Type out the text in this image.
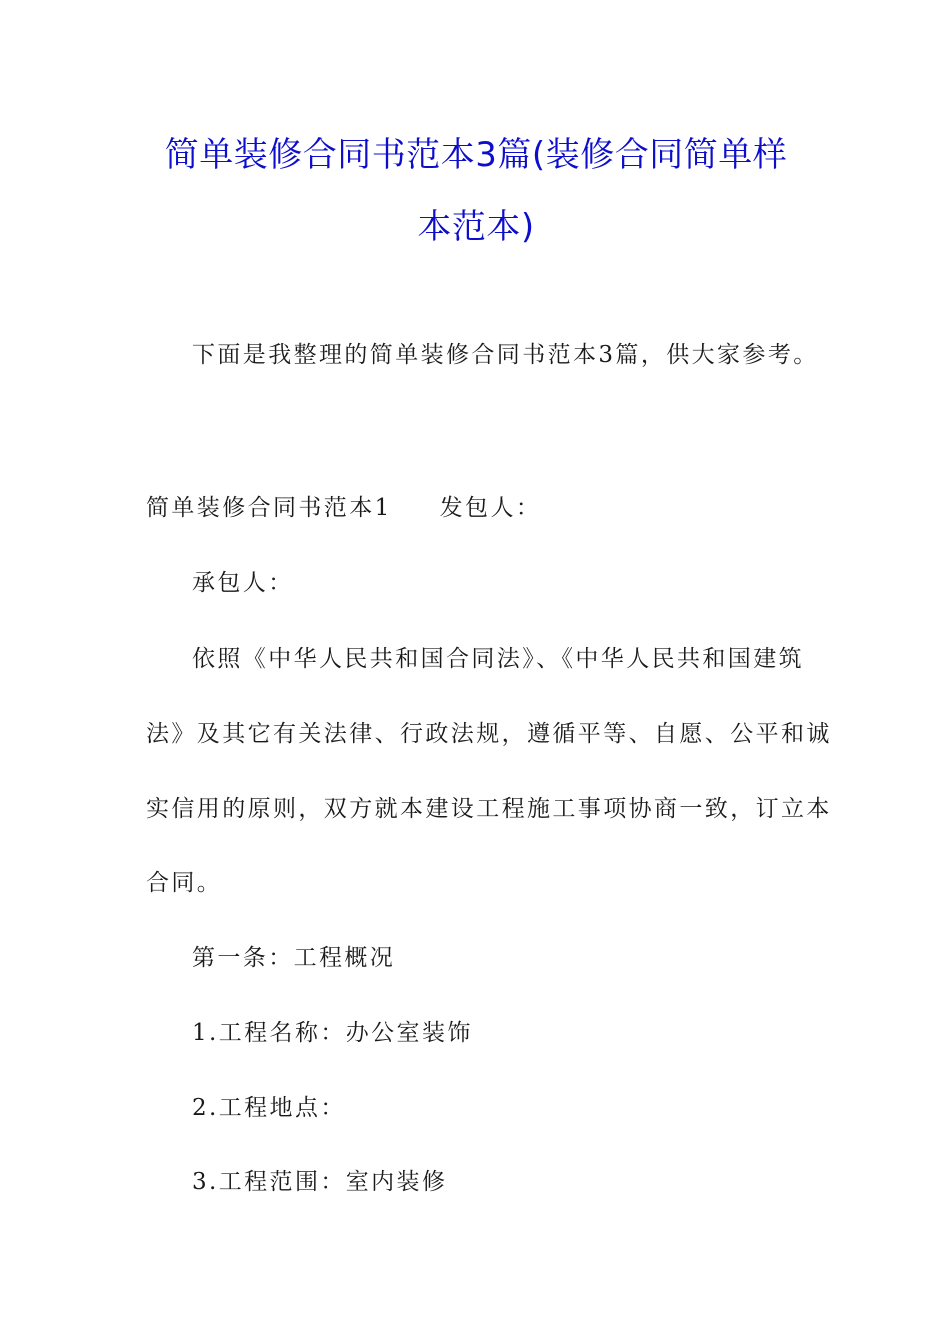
简单装修合同书范本3篇(装修合同简单样
本范本)
下面是我整理的简单装修合同书范本3篇，供大家参考。
简单装修合同书范本1 发包人：
承包人：
依照《中华人民共和国合同法》、《中华人民共和国建筑
法》及其它有关法律、行政法规，遵循平等、自愿、公平和诚
实信用的原则，双方就本建设工程施工事项协商一致，订立本
合同。
第一条：工程概况
1.工程名称：办公室装饰
2.工程地点：
3.工程范围：室内装修
